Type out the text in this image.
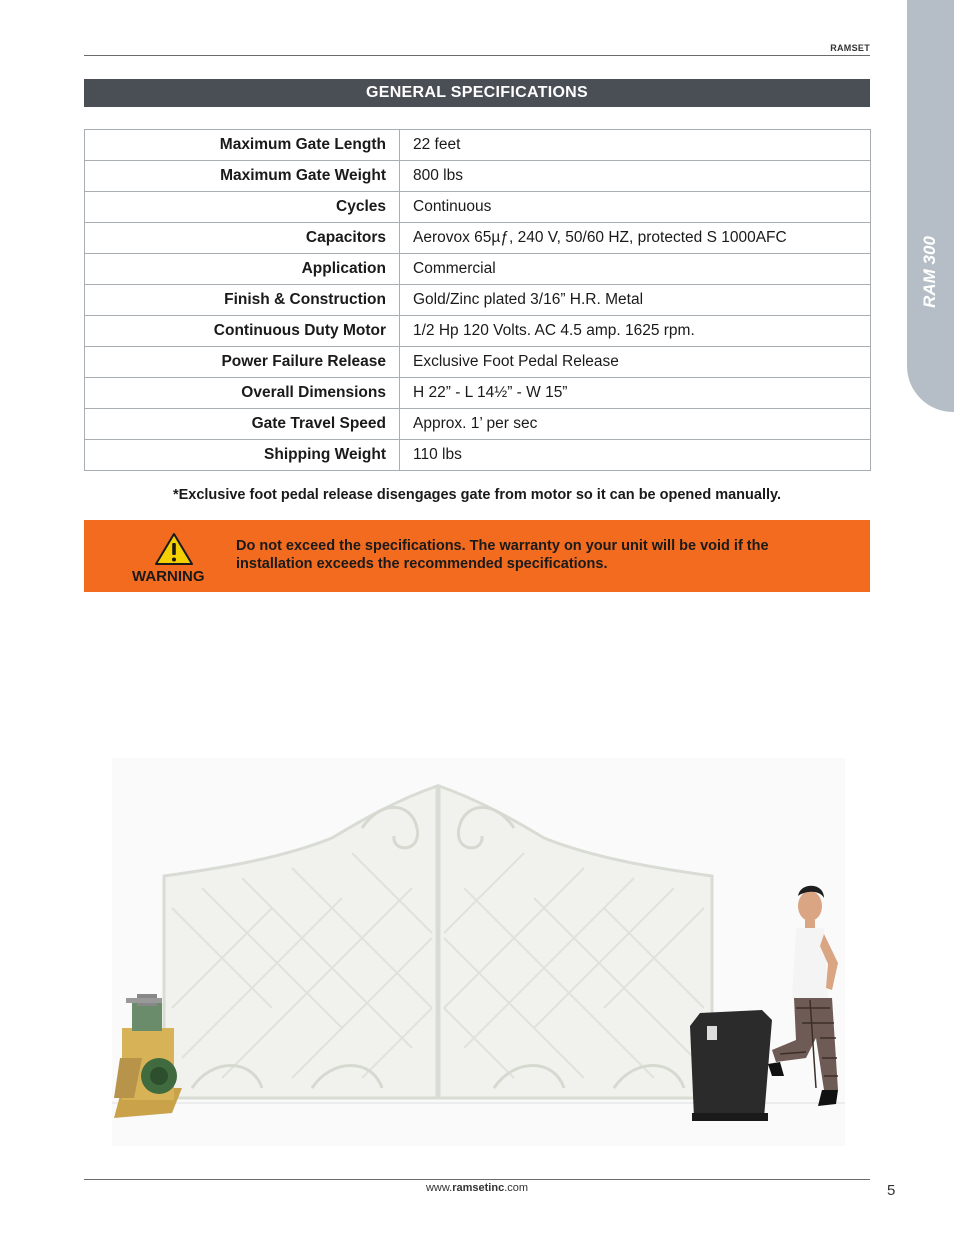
RAMSET
RAM 300
GENERAL SPECIFICATIONS
Maximum Gate Length	22 feet
Maximum Gate Weight	800 lbs
Cycles	Continuous
Capacitors	Aerovox 65µƒ, 240 V, 50/60 HZ, protected S 1000AFC
Application	Commercial
Finish & Construction	Gold/Zinc plated 3/16” H.R. Metal
Continuous Duty Motor	1/2 Hp 120 Volts. AC 4.5 amp. 1625 rpm.
Power Failure Release	Exclusive Foot Pedal Release
Overall Dimensions	H 22” - L 14½” - W 15”
Gate Travel Speed	Approx. 1’ per sec
Shipping Weight	110 lbs
*Exclusive foot pedal release disengages gate from motor so it can be opened manually.
WARNING
Do not exceed the specifications. The warranty on your unit will be void if the installation exceeds the recommended specifications.
www.ramsetinc.com	5
